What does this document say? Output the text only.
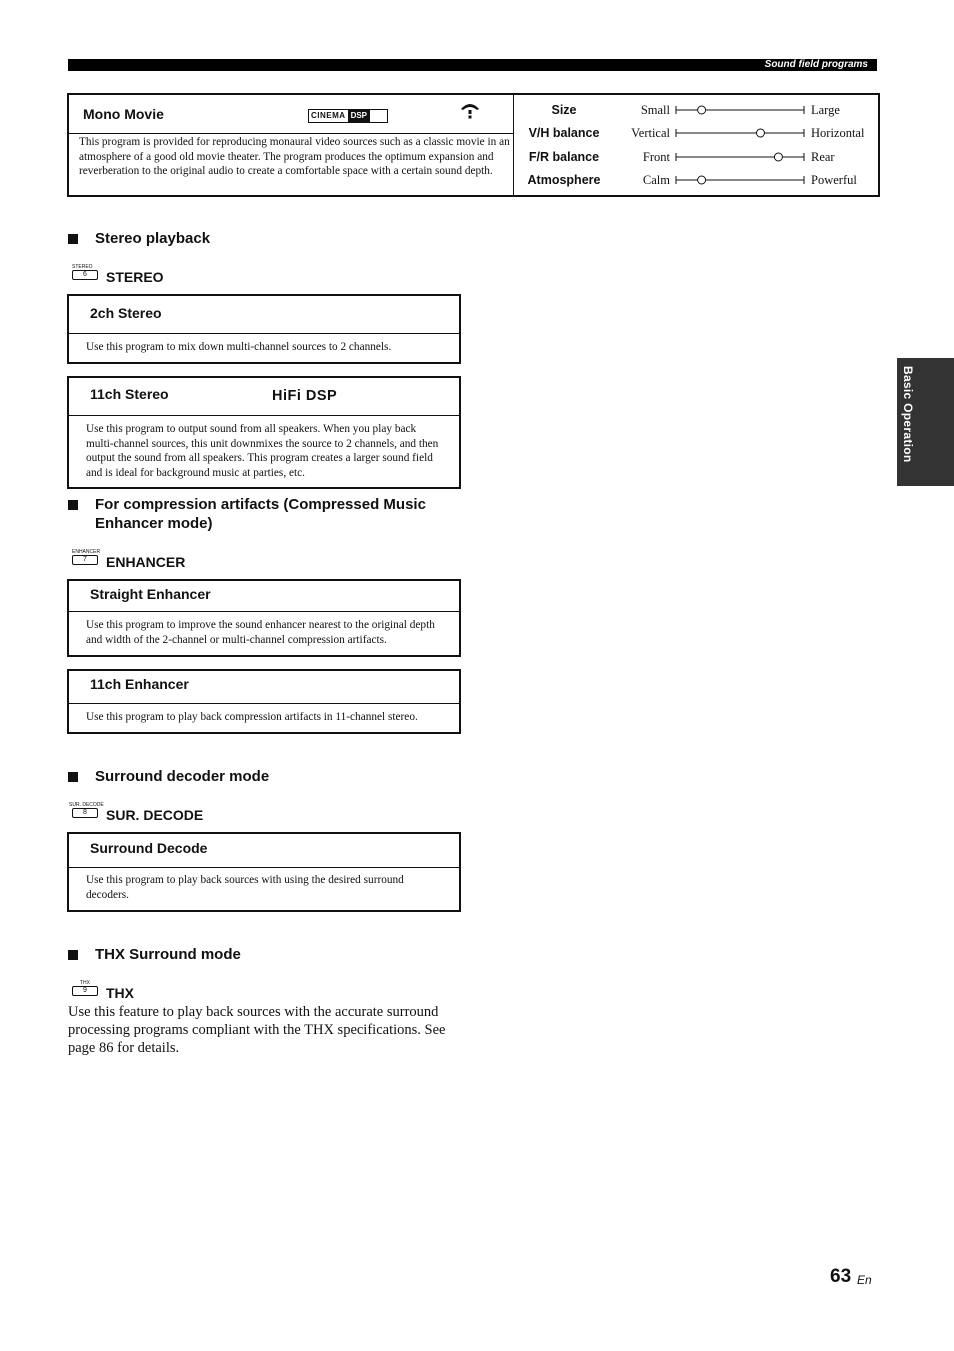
Sound field programs
Mono Movie	CINEMA DSP
This program is provided for reproducing monaural video sources such as a classic movie in an atmosphere of a good old movie theater. The program produces the optimum expansion and reverberation to the original audio to create a comfortable space with a certain sound depth.
Size	Small	Large
V/H balance	Vertical	Horizontal
F/R balance	Front	Rear
Atmosphere	Calm	Powerful
Stereo playback
STEREO
6	STEREO
2ch Stereo
Use this program to mix down multi-channel sources to 2 channels.
11ch Stereo	HiFi DSP
Use this program to output sound from all speakers. When you play back multi-channel sources, this unit downmixes the source to 2 channels, and then output the sound from all speakers. This program creates a larger sound field and is ideal for background music at parties, etc.
For compression artifacts (Compressed Music
Enhancer mode)
ENHANCER
7	ENHANCER
Straight Enhancer
Use this program to improve the sound enhancer nearest to the original depth and width of the 2-channel or multi-channel compression artifacts.
11ch Enhancer
Use this program to play back compression artifacts in 11-channel stereo.
Surround decoder mode
SUR. DECODE
8	SUR. DECODE
Surround Decode
Use this program to play back sources with using the desired surround decoders.
THX Surround mode
THX
9	THX
Use this feature to play back sources with the accurate surround processing programs compliant with the THX specifications. See page 86 for details.
Basic Operation
63 En
